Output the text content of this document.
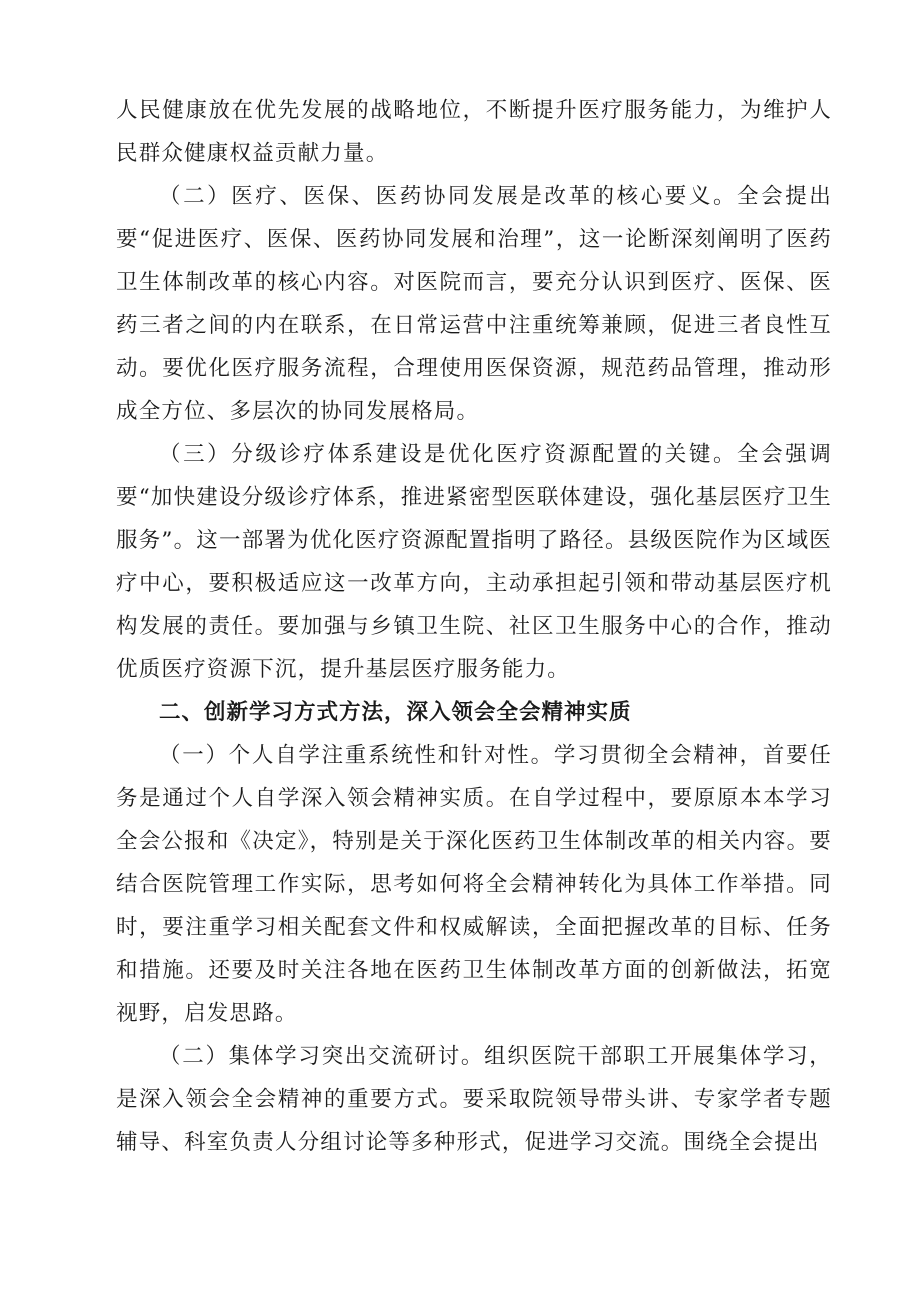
人民健康放在优先发展的战略地位，不断提升医疗服务能力，为维护人民群众健康权益贡献力量。

（二）医疗、医保、医药协同发展是改革的核心要义。全会提出要“促进医疗、医保、医药协同发展和治理”，这一论断深刻阐明了医药卫生体制改革的核心内容。对医院而言，要充分认识到医疗、医保、医药三者之间的内在联系，在日常运营中注重统筹兼顾，促进三者良性互动。要优化医疗服务流程，合理使用医保资源，规范药品管理，推动形成全方位、多层次的协同发展格局。

（三）分级诊疗体系建设是优化医疗资源配置的关键。全会强调要“加快建设分级诊疗体系，推进紧密型医联体建设，强化基层医疗卫生服务”。这一部署为优化医疗资源配置指明了路径。县级医院作为区域医疗中心，要积极适应这一改革方向，主动承担起引领和带动基层医疗机构发展的责任。要加强与乡镇卫生院、社区卫生服务中心的合作，推动优质医疗资源下沉，提升基层医疗服务能力。

二、创新学习方式方法，深入领会全会精神实质

（一）个人自学注重系统性和针对性。学习贯彻全会精神，首要任务是通过个人自学深入领会精神实质。在自学过程中，要原原本本学习全会公报和《决定》，特别是关于深化医药卫生体制改革的相关内容。要结合医院管理工作实际，思考如何将全会精神转化为具体工作举措。同时，要注重学习相关配套文件和权威解读，全面把握改革的目标、任务和措施。还要及时关注各地在医药卫生体制改革方面的创新做法，拓宽视野，启发思路。

（二）集体学习突出交流研讨。组织医院干部职工开展集体学习，是深入领会全会精神的重要方式。要采取院领导带头讲、专家学者专题辅导、科室负责人分组讨论等多种形式，促进学习交流。围绕全会提出
